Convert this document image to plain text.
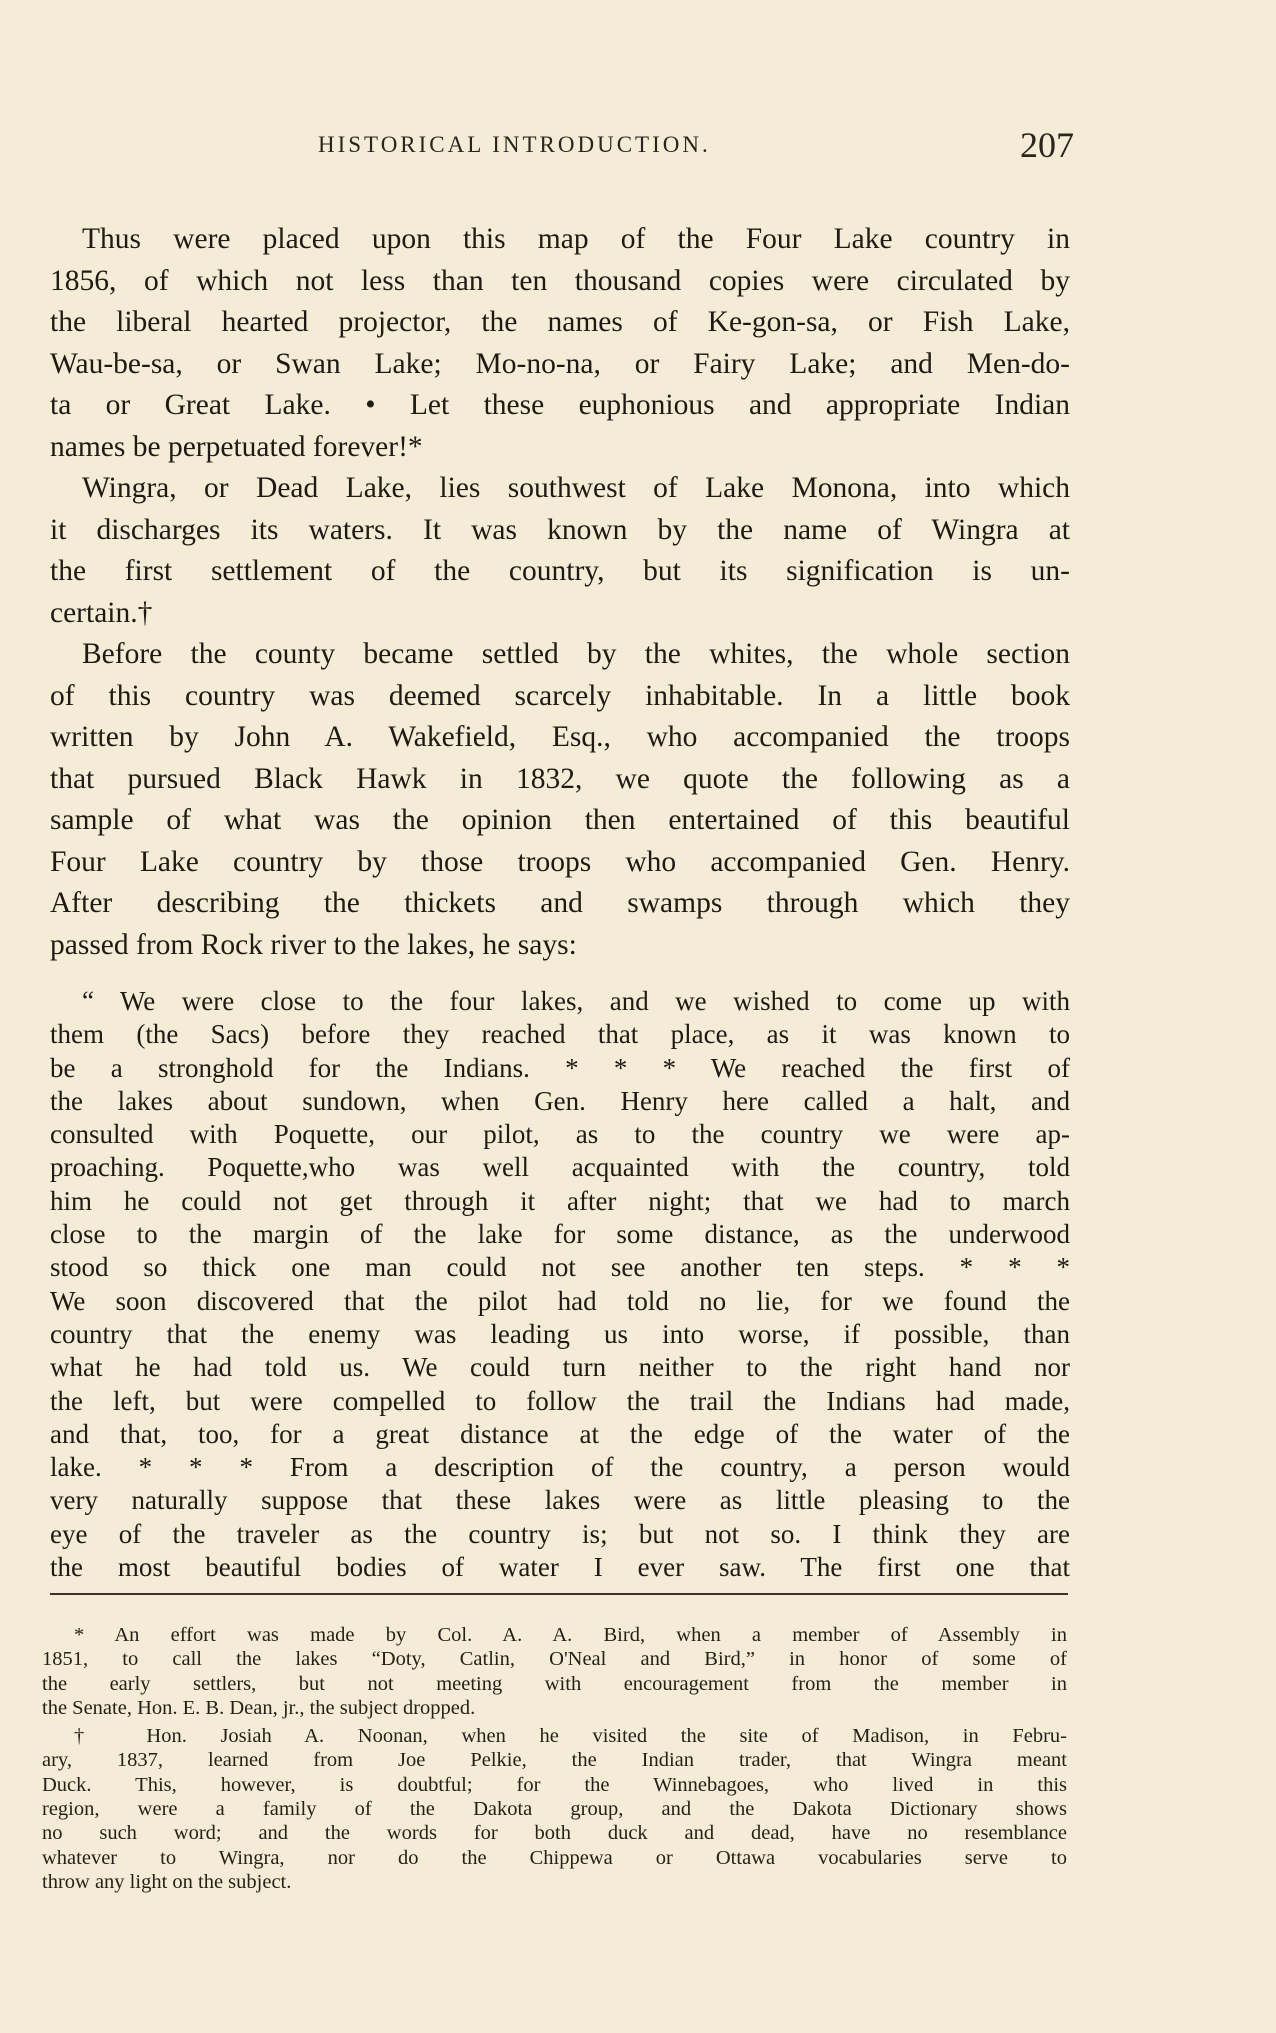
HISTORICAL INTRODUCTION.	207
Thus were placed upon this map of the Four Lake country in
1856, of which not less than ten thousand copies were circulated by
the liberal hearted projector, the names of Ke-gon-sa, or Fish Lake,
Wau-be-sa, or Swan Lake; Mo-no-na, or Fairy Lake; and Men-do-
ta or Great Lake. • Let these euphonious and appropriate Indian
names be perpetuated forever!*
Wingra, or Dead Lake, lies southwest of Lake Monona, into which
it discharges its waters. It was known by the name of Wingra at
the first settlement of the country, but its signification is un-
certain.†
Before the county became settled by the whites, the whole section
of this country was deemed scarcely inhabitable. In a little book
written by John A. Wakefield, Esq., who accompanied the troops
that pursued Black Hawk in 1832, we quote the following as a
sample of what was the opinion then entertained of this beautiful
Four Lake country by those troops who accompanied Gen. Henry.
After describing the thickets and swamps through which they
passed from Rock river to the lakes, he says:
“ We were close to the four lakes, and we wished to come up with
them (the Sacs) before they reached that place, as it was known to
be a stronghold for the Indians. * * * We reached the first of
the lakes about sundown, when Gen. Henry here called a halt, and
consulted with Poquette, our pilot, as to the country we were ap-
proaching. Poquette,who was well acquainted with the country, told
him he could not get through it after night; that we had to march
close to the margin of the lake for some distance, as the underwood
stood so thick one man could not see another ten steps. * * *
We soon discovered that the pilot had told no lie, for we found the
country that the enemy was leading us into worse, if possible, than
what he had told us. We could turn neither to the right hand nor
the left, but were compelled to follow the trail the Indians had made,
and that, too, for a great distance at the edge of the water of the
lake. * * * From a description of the country, a person would
very naturally suppose that these lakes were as little pleasing to the
eye of the traveler as the country is; but not so. I think they are
the most beautiful bodies of water I ever saw. The first one that
* An effort was made by Col. A. A. Bird, when a member of Assembly in
1851, to call the lakes “Doty, Catlin, O'Neal and Bird,” in honor of some of
the early settlers, but not meeting with encouragement from the member in
the Senate, Hon. E. B. Dean, jr., the subject dropped.
† Hon. Josiah A. Noonan, when he visited the site of Madison, in Febru-
ary, 1837, learned from Joe Pelkie, the Indian trader, that Wingra meant
Duck. This, however, is doubtful; for the Winnebagoes, who lived in this
region, were a family of the Dakota group, and the Dakota Dictionary shows
no such word; and the words for both duck and dead, have no resemblance
whatever to Wingra, nor do the Chippewa or Ottawa vocabularies serve to
throw any light on the subject.
